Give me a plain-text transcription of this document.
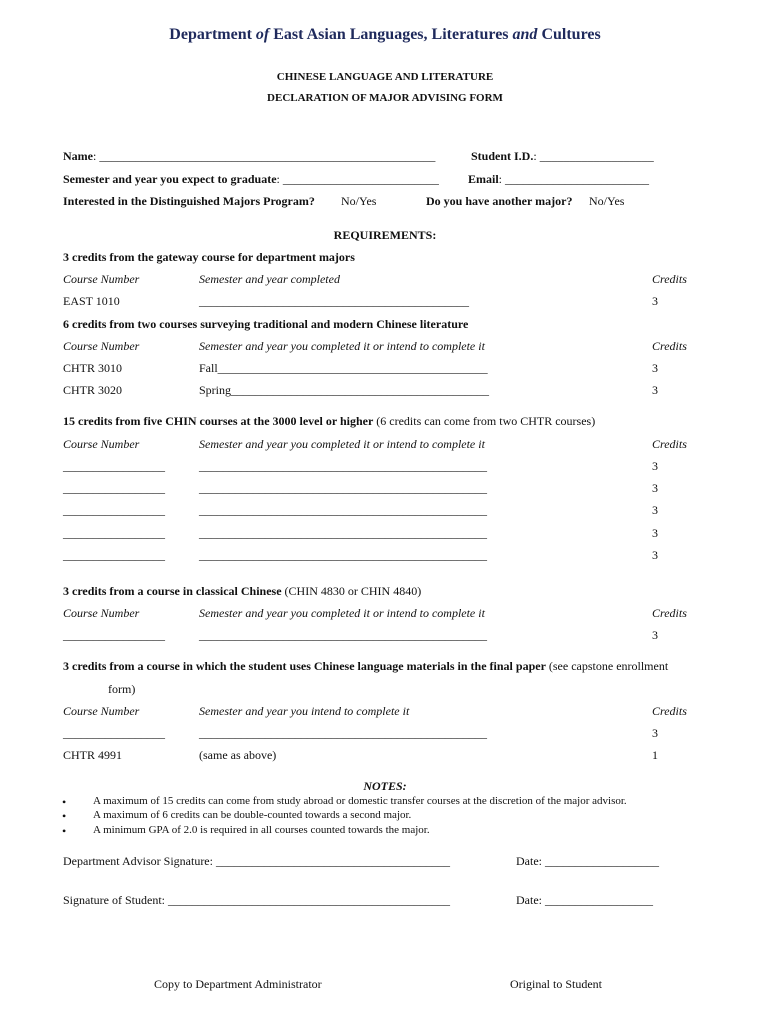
Department of East Asian Languages, Literatures and Cultures
CHINESE LANGUAGE AND LITERATURE
DECLARATION OF MAJOR ADVISING FORM
Name: ________________________________________________________	Student I.D.: ___________________
Semester and year you expect to graduate: __________________________ Email: ________________________
Interested in the Distinguished Majors Program? No/Yes	Do you have another major? No/Yes
REQUIREMENTS:
3 credits from the gateway course for department majors
Course Number	Semester and year completed	Credits
EAST 1010	_____________________________________________	3
6 credits from two courses surveying traditional and modern Chinese literature
Course Number	Semester and year you completed it or intend to complete it	Credits
CHTR 3010	Fall_____________________________________________	3
CHTR 3020	Spring___________________________________________	3
15 credits from five CHIN courses at the 3000 level or higher (6 credits can come from two CHTR courses)
Course Number	Semester and year you completed it or intend to complete it	Credits
_________________	________________________________________________	3
_________________	________________________________________________	3
_________________	________________________________________________	3
_________________	________________________________________________	3
_________________	________________________________________________	3
3 credits from a course in classical Chinese (CHIN 4830 or CHIN 4840)
Course Number	Semester and year you completed it or intend to complete it	Credits
_________________	________________________________________________	3
3 credits from a course in which the student uses Chinese language materials in the final paper (see capstone enrollment
form)
Course Number	Semester and year you intend to complete it	Credits
_________________	________________________________________________	3
CHTR 4991	(same as above)	1
NOTES:
• A maximum of 15 credits can come from study abroad or domestic transfer courses at the discretion of the major advisor.
• A maximum of 6 credits can be double-counted towards a second major.
• A minimum GPA of 2.0 is required in all courses counted towards the major.
Department Advisor Signature: _______________________________________	Date: ___________________
Signature of Student: _______________________________________________	Date: __________________
Copy to Department Administrator	Original to Student
